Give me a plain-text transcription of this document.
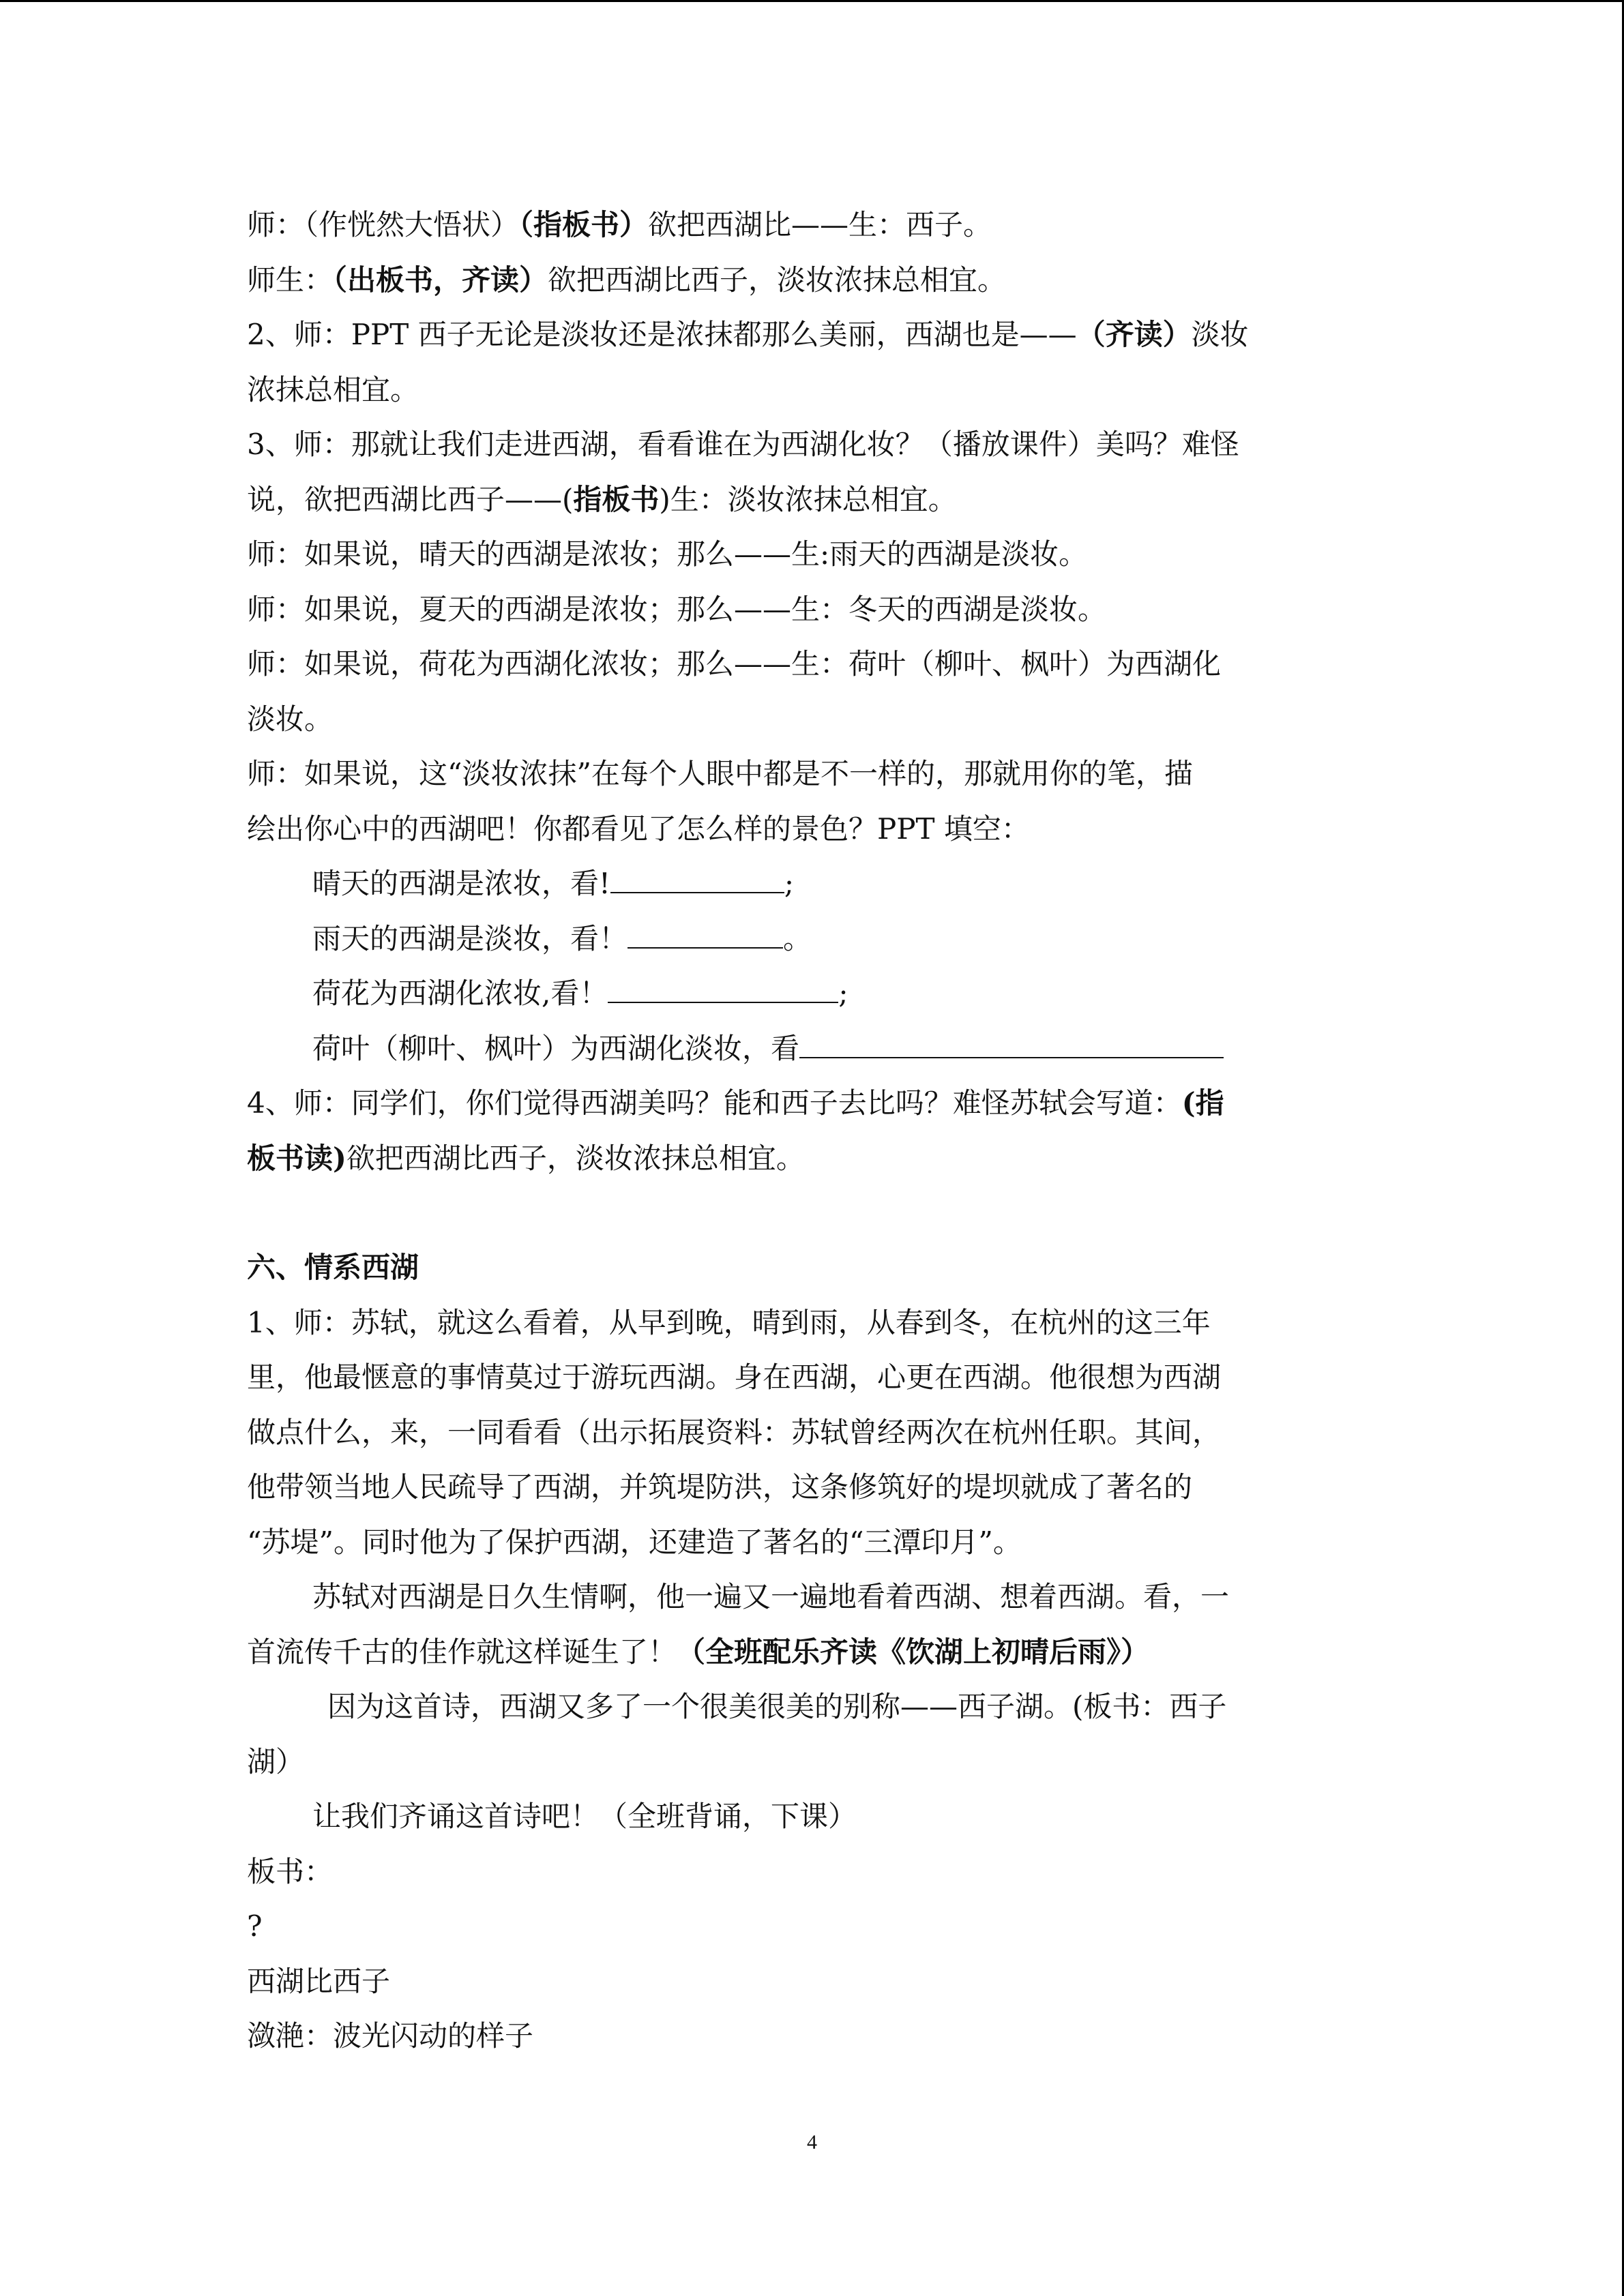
师：（作恍然大悟状）（指板书）欲把西湖比——生：西子。
师生：（出板书，齐读）欲把西湖比西子，淡妆浓抹总相宜。
2、师：PPT 西子无论是淡妆还是浓抹都那么美丽，西湖也是——（齐读）淡妆
浓抹总相宜。
3、师：那就让我们走进西湖，看看谁在为西湖化妆？（播放课件）美吗？难怪
说，欲把西湖比西子——(指板书)生：淡妆浓抹总相宜。
师：如果说，晴天的西湖是浓妆；那么——生:雨天的西湖是淡妆。
师：如果说，夏天的西湖是浓妆；那么——生：冬天的西湖是淡妆。
师：如果说，荷花为西湖化浓妆；那么——生：荷叶（柳叶、枫叶）为西湖化
淡妆。
师：如果说，这“淡妆浓抹”在每个人眼中都是不一样的，那就用你的笔，描
绘出你心中的西湖吧！你都看见了怎么样的景色？PPT 填空：
晴天的西湖是浓妆，看!	;
雨天的西湖是淡妆，看！	。
荷花为西湖化浓妆,看！	;
荷叶（柳叶、枫叶）为西湖化淡妆，看
4、师：同学们，你们觉得西湖美吗？能和西子去比吗？难怪苏轼会写道：(指
板书读)欲把西湖比西子，淡妆浓抹总相宜。
六、情系西湖
1、师：苏轼，就这么看着，从早到晚，晴到雨，从春到冬，在杭州的这三年
里，他最惬意的事情莫过于游玩西湖。身在西湖，心更在西湖。他很想为西湖
做点什么，来，一同看看（出示拓展资料：苏轼曾经两次在杭州任职。其间，
他带领当地人民疏导了西湖，并筑堤防洪，这条修筑好的堤坝就成了著名的
“苏堤”。同时他为了保护西湖，还建造了著名的“三潭印月”。
苏轼对西湖是日久生情啊，他一遍又一遍地看着西湖、想着西湖。看，一
首流传千古的佳作就这样诞生了！（全班配乐齐读《饮湖上初晴后雨》）
因为这首诗，西湖又多了一个很美很美的别称——西子湖。(板书：西子
湖）
让我们齐诵这首诗吧！（全班背诵，下课）
板书：
?
西湖比西子
潋滟：波光闪动的样子
4
